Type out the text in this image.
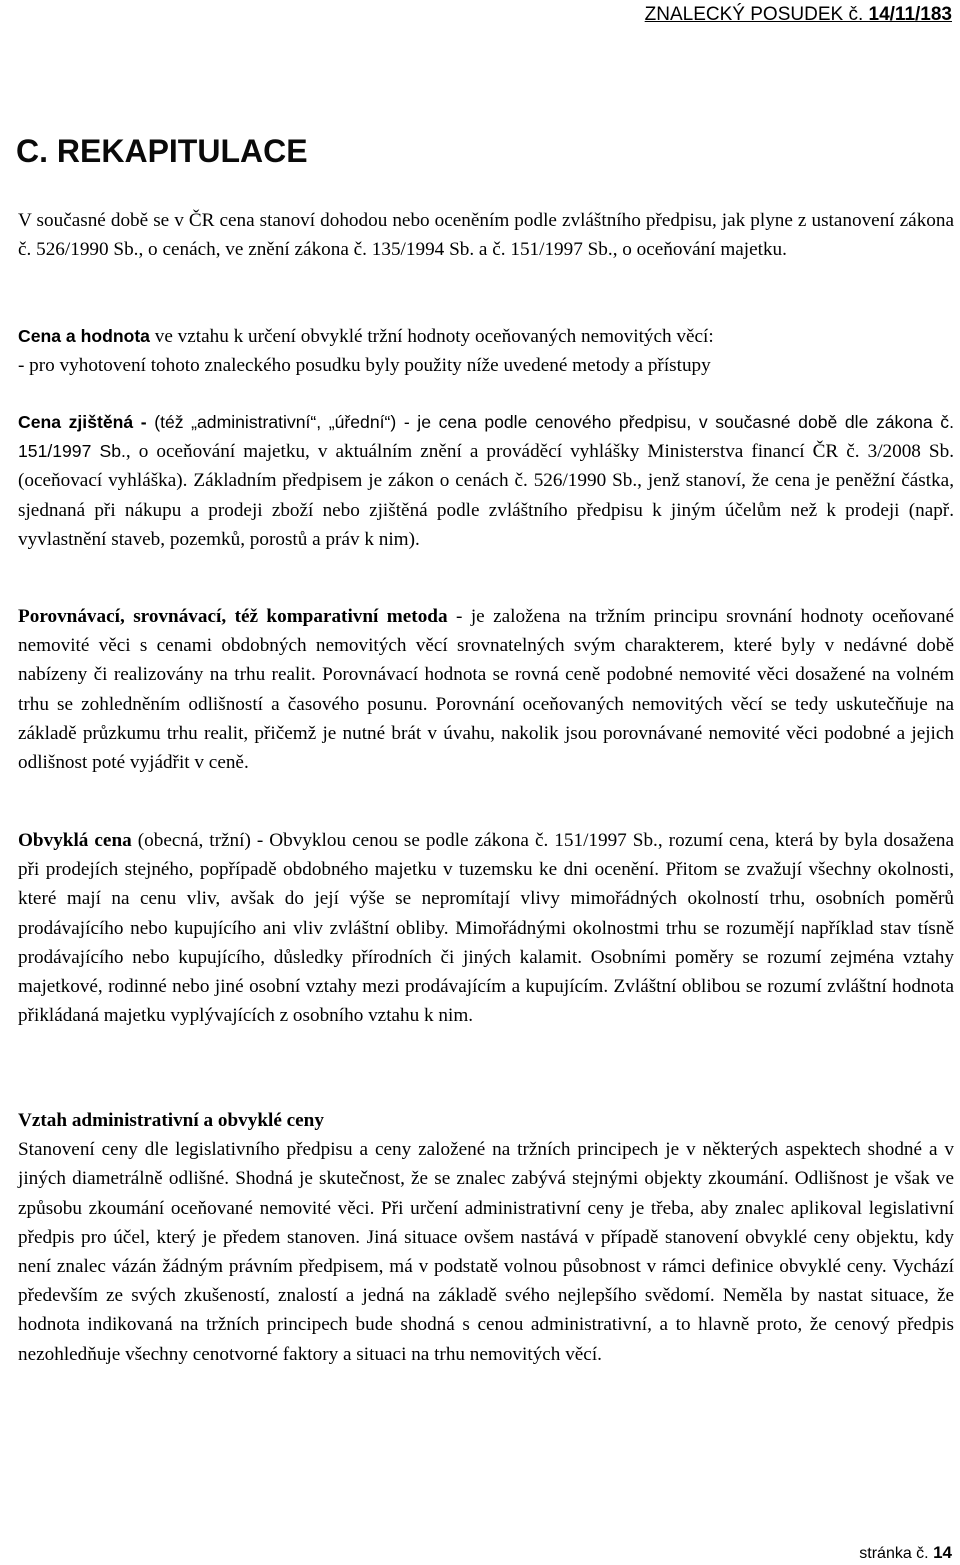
ZNALECKÝ POSUDEK č. 14/11/183
C. REKAPITULACE

V současné době se v ČR cena stanoví dohodou nebo oceněním podle zvláštního předpisu, jak plyne z ustanovení zákona č. 526/1990 Sb., o cenách, ve znění zákona č. 135/1994 Sb. a č. 151/1997 Sb., o oceňování majetku.

Cena a hodnota ve vztahu k určení obvyklé tržní hodnoty oceňovaných nemovitých věcí:
- pro vyhotovení tohoto znaleckého posudku byly použity níže uvedené metody a přístupy

Cena zjištěná - (též „administrativní“, „úřední“) - je cena podle cenového předpisu, v současné době dle zákona č. 151/1997 Sb., o oceňování majetku, v aktuálním znění a prováděcí vyhlášky Ministerstva financí ČR č. 3/2008 Sb. (oceňovací vyhláška). Základním předpisem je zákon o cenách č. 526/1990 Sb., jenž stanoví, že cena je peněžní částka, sjednaná při nákupu a prodeji zboží nebo zjištěná podle zvláštního předpisu k jiným účelům než k prodeji (např. vyvlastnění staveb, pozemků, porostů a práv k nim).

Porovnávací, srovnávací, též komparativní metoda - je založena na tržním principu srovnání hodnoty oceňované nemovité věci s cenami obdobných nemovitých věcí srovnatelných svým charakterem, které byly v nedávné době nabízeny či realizovány na trhu realit. Porovnávací hodnota se rovná ceně podobné nemovité věci dosažené na volném trhu se zohledněním odlišností a časového posunu. Porovnání oceňovaných nemovitých věcí se tedy uskutečňuje na základě průzkumu trhu realit, přičemž je nutné brát v úvahu, nakolik jsou porovnávané nemovité věci podobné a jejich odlišnost poté vyjádřit v ceně.

Obvyklá cena (obecná, tržní) - Obvyklou cenou se podle zákona č. 151/1997 Sb., rozumí cena, která by byla dosažena při prodejích stejného, popřípadě obdobného majetku v tuzemsku ke dni ocenění. Přitom se zvažují všechny okolnosti, které mají na cenu vliv, avšak do její výše se nepromítají vlivy mimořádných okolností trhu, osobních poměrů prodávajícího nebo kupujícího ani vliv zvláštní obliby. Mimořádnými okolnostmi trhu se rozumějí například stav tísně prodávajícího nebo kupujícího, důsledky přírodních či jiných kalamit. Osobními poměry se rozumí zejména vztahy majetkové, rodinné nebo jiné osobní vztahy mezi prodávajícím a kupujícím. Zvláštní oblibou se rozumí zvláštní hodnota přikládaná majetku vyplývajících z osobního vztahu k nim.

Vztah administrativní a obvyklé ceny

Stanovení ceny dle legislativního předpisu a ceny založené na tržních principech je v některých aspektech shodné a v jiných diametrálně odlišné. Shodná je skutečnost, že se znalec zabývá stejnými objekty zkoumání. Odlišnost je však ve způsobu zkoumání oceňované nemovité věci. Při určení administrativní ceny je třeba, aby znalec aplikoval legislativní předpis pro účel, který je předem stanoven. Jiná situace ovšem nastává v případě stanovení obvyklé ceny objektu, kdy není znalec vázán žádným právním předpisem, má v podstatě volnou působnost v rámci definice obvyklé ceny. Vychází především ze svých zkušeností, znalostí a jedná na základě svého nejlepšího svědomí. Neměla by nastat situace, že hodnota indikovaná na tržních principech bude shodná s cenou administrativní, a to hlavně proto, že cenový předpis nezohledňuje všechny cenotvorné faktory a situaci na trhu nemovitých věcí.

stránka č. 14
